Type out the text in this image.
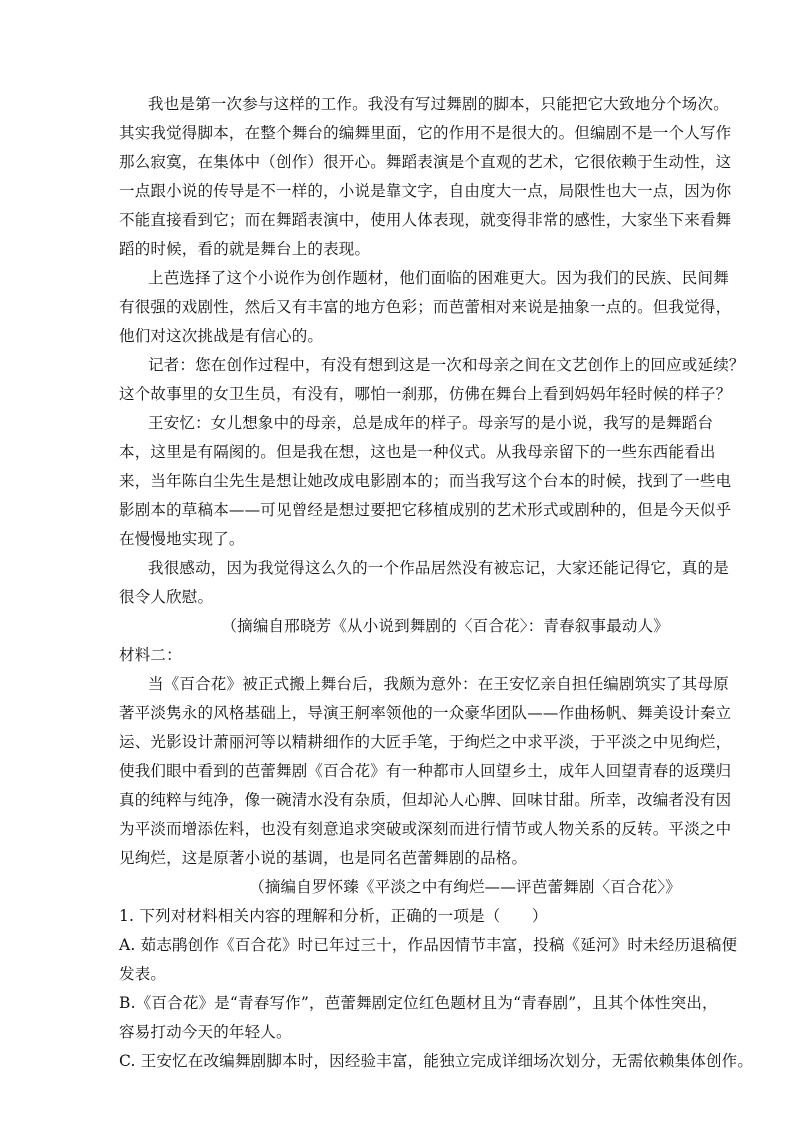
我也是第一次参与这样的工作。我没有写过舞剧的脚本，只能把它大致地分个场次。
其实我觉得脚本，在整个舞台的编舞里面，它的作用不是很大的。但编剧不是一个人写作
那么寂寞，在集体中（创作）很开心。舞蹈表演是个直观的艺术，它很依赖于生动性，这
一点跟小说的传导是不一样的，小说是靠文字，自由度大一点，局限性也大一点，因为你
不能直接看到它；而在舞蹈表演中，使用人体表现，就变得非常的感性，大家坐下来看舞
蹈的时候，看的就是舞台上的表现。
上芭选择了这个小说作为创作题材，他们面临的困难更大。因为我们的民族、民间舞
有很强的戏剧性，然后又有丰富的地方色彩；而芭蕾相对来说是抽象一点的。但我觉得，
他们对这次挑战是有信心的。
记者：您在创作过程中，有没有想到这是一次和母亲之间在文艺创作上的回应或延续？
这个故事里的女卫生员，有没有，哪怕一刹那，仿佛在舞台上看到妈妈年轻时候的样子？
王安忆：女儿想象中的母亲，总是成年的样子。母亲写的是小说，我写的是舞蹈台
本，这里是有隔阂的。但是我在想，这也是一种仪式。从我母亲留下的一些东西能看出
来，当年陈白尘先生是想让她改成电影剧本的；而当我写这个台本的时候，找到了一些电
影剧本的草稿本——可见曾经是想过要把它移植成别的艺术形式或剧种的，但是今天似乎
在慢慢地实现了。
我很感动，因为我觉得这么久的一个作品居然没有被忘记，大家还能记得它，真的是
很令人欣慰。
（摘编自邢晓芳《从小说到舞剧的〈百合花〉：青春叙事最动人》
材料二：
当《百合花》被正式搬上舞台后，我颇为意外：在王安忆亲自担任编剧筑实了其母原
著平淡隽永的风格基础上，导演王舸率领他的一众豪华团队——作曲杨帆、舞美设计秦立
运、光影设计萧丽河等以精耕细作的大匠手笔，于绚烂之中求平淡，于平淡之中见绚烂，
使我们眼中看到的芭蕾舞剧《百合花》有一种都市人回望乡土，成年人回望青春的返璞归
真的纯粹与纯净，像一碗清水没有杂质，但却沁人心脾、回味甘甜。所幸，改编者没有因
为平淡而增添佐料，也没有刻意追求突破或深刻而进行情节或人物关系的反转。平淡之中
见绚烂，这是原著小说的基调，也是同名芭蕾舞剧的品格。
（摘编自罗怀臻《平淡之中有绚烂——评芭蕾舞剧〈百合花〉》
1. 下列对材料相关内容的理解和分析，正确的一项是（　　）
A. 茹志鹃创作《百合花》时已年过三十，作品因情节丰富，投稿《延河》时未经历退稿便
发表。
B.《百合花》是“青春写作”，芭蕾舞剧定位红色题材且为“青春剧”，且其个体性突出，
容易打动今天的年轻人。
C. 王安忆在改编舞剧脚本时，因经验丰富，能独立完成详细场次划分，无需依赖集体创作。
